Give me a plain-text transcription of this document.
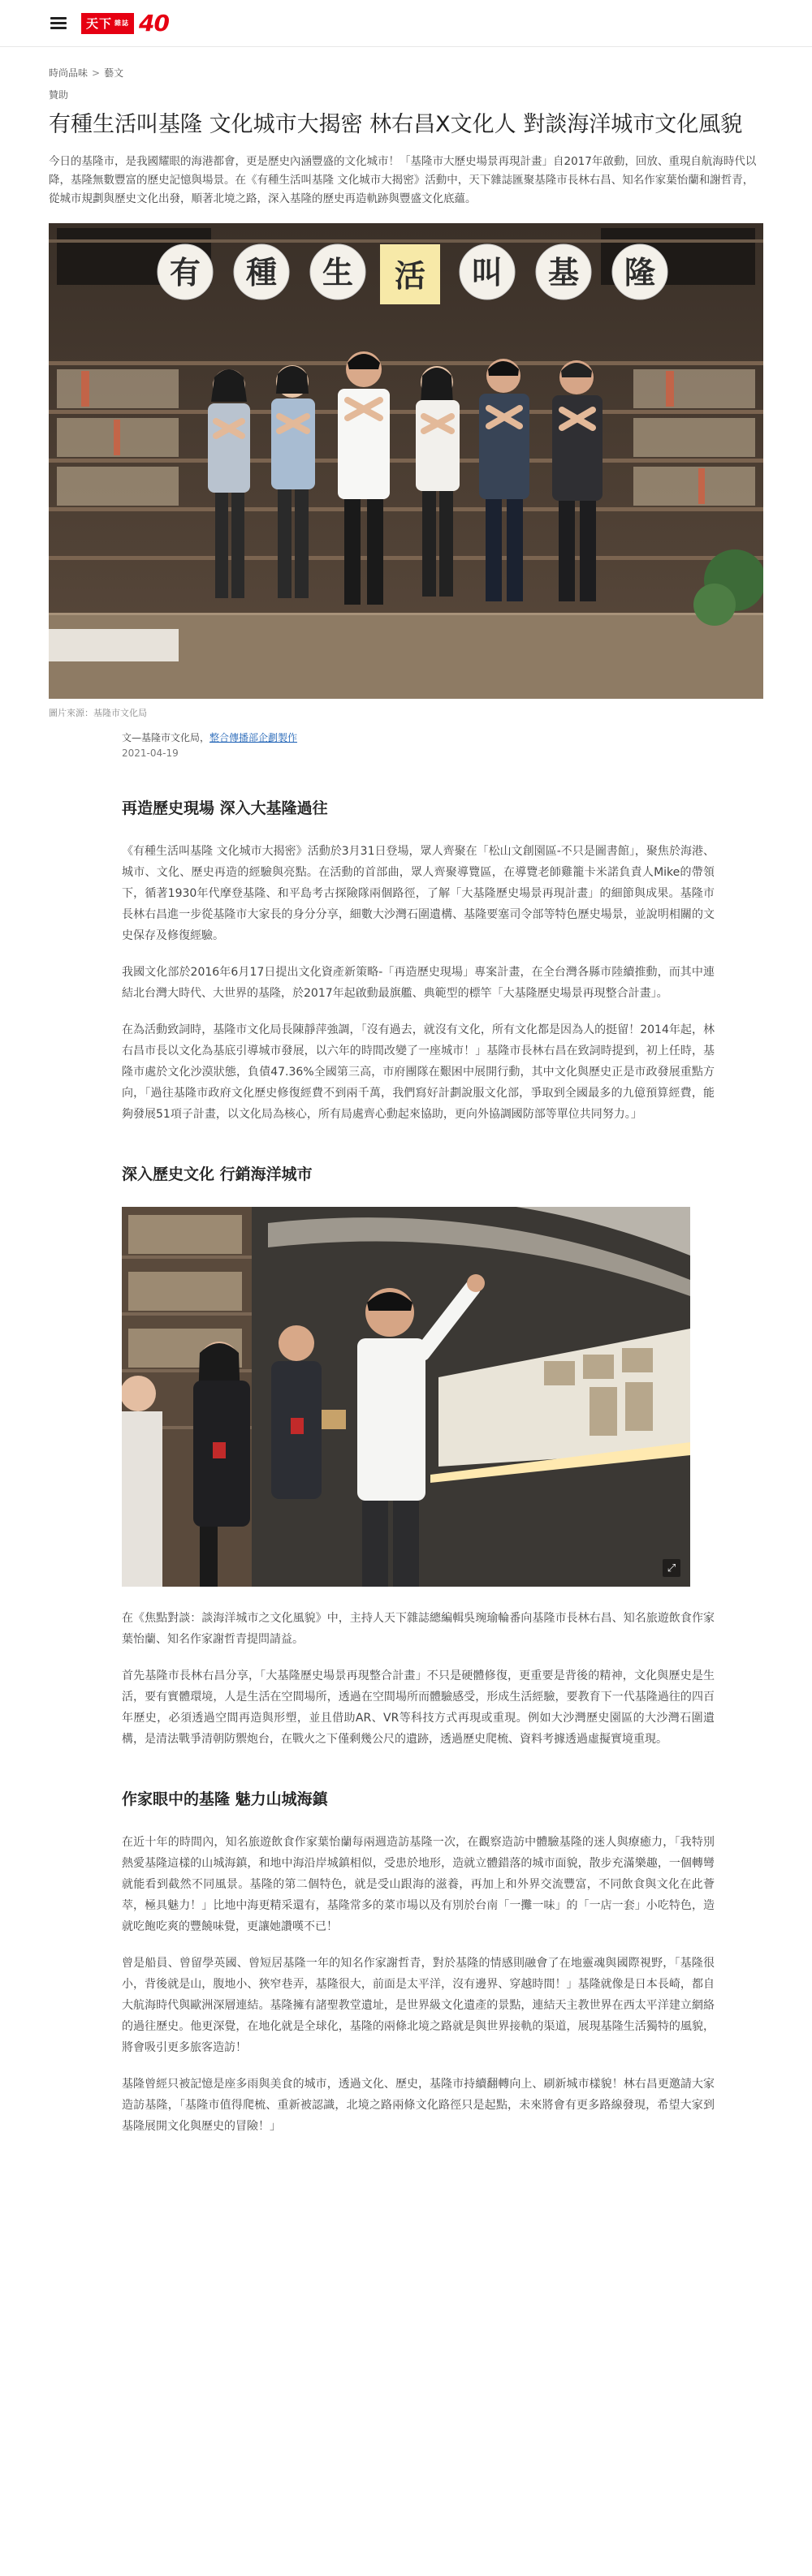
天下 雜誌 40
時尚品味 > 藝文
贊助
有種生活叫基隆 文化城市大揭密 林右昌X文化人 對談海洋城市文化風貌

今日的基隆市，是我國耀眼的海港都會，更是歷史內涵豐盛的文化城市！「基隆市大歷史場景再現計畫」自2017年啟動，回放、重現自航海時代以降，基隆無數豐富的歷史記憶與場景。在《有種生活叫基隆 文化城市大揭密》活動中，天下雜誌匯聚基隆市長林右昌、知名作家葉怡蘭和謝哲青，從城市規劃與歷史文化出發，順著北境之路，深入基隆的歷史再造軌跡與豐盛文化底蘊。

有 種 生 活 叫 基 隆
圖片來源：基隆市文化局
文—基隆市文化局，整合傳播部企劃製作
2021-04-19
再造歷史現場 深入大基隆過往

《有種生活叫基隆 文化城市大揭密》活動於3月31日登場，眾人齊聚在「松山文創園區-不只是圖書館」，聚焦於海港、城市、文化、歷史再造的經驗與亮點。在活動的首部曲，眾人齊聚導覽區，在導覽老師雞籠卡米諾負責人Mike的帶領下，循著1930年代摩登基隆、和平島考古探險隊兩個路徑，了解「大基隆歷史場景再現計畫」的細節與成果。基隆市長林右昌進一步從基隆市大家長的身分分享，細數大沙灣石圍遺構、基隆要塞司令部等特色歷史場景，並說明相關的文史保存及修復經驗。

我國文化部於2016年6月17日提出文化資產新策略-「再造歷史現場」專案計畫，在全台灣各縣市陸續推動，而其中連結北台灣大時代、大世界的基隆，於2017年起啟動最旗艦、典範型的標竿「大基隆歷史場景再現整合計畫」。

在為活動致詞時，基隆市文化局長陳靜萍強調，「沒有過去，就沒有文化，所有文化都是因為人的挺留！2014年起，林右昌市長以文化為基底引導城市發展，以六年的時間改變了一座城市！」基隆市長林右昌在致詞時提到，初上任時，基隆市處於文化沙漠狀態，負債47.36%全國第三高，市府團隊在艱困中展開行動，其中文化與歷史正是市政發展重點方向，「過往基隆市政府文化歷史修復經費不到兩千萬，我們寫好計劃說服文化部，爭取到全國最多的九億預算經費，能夠發展51項子計畫，以文化局為核心，所有局處齊心動起來協助，更向外協調國防部等單位共同努力。」

深入歷史文化 行銷海洋城市
⤢

在《焦點對談：談海洋城市之文化風貌》中，主持人天下雜誌總編輯吳琬瑜輪番向基隆市長林右昌、知名旅遊飲食作家葉怡蘭、知名作家謝哲青提問請益。

首先基隆市長林右昌分享，「大基隆歷史場景再現整合計畫」不只是硬體修復，更重要是背後的精神，文化與歷史是生活，要有實體環境，人是生活在空間場所，透過在空間場所而體驗感受，形成生活經驗，要教育下一代基隆過往的四百年歷史，必須透過空間再造與形塑，並且借助AR、VR等科技方式再現或重現。例如大沙灣歷史園區的大沙灣石圍遺構，是清法戰爭清朝防禦炮台，在戰火之下僅剩幾公尺的遺跡，透過歷史爬梳、資料考據透過虛擬實境重現。

作家眼中的基隆 魅力山城海鎮

在近十年的時間內，知名旅遊飲食作家葉怡蘭每兩週造訪基隆一次，在觀察造訪中體驗基隆的迷人與療癒力，「我特別熱愛基隆這樣的山城海鎮，和地中海沿岸城鎮相似，受患於地形，造就立體錯落的城市面貌，散步充滿樂趣，一個轉彎就能看到截然不同風景。基隆的第二個特色，就是受山跟海的滋養，再加上和外界交流豐富，不同飲食與文化在此薈萃，極具魅力！」比地中海更精采還有，基隆常多的菜市場以及有別於台南「一攤一味」的「一店一套」小吃特色，造就吃飽吃爽的豐饒味覺，更讓她讚嘆不已！

曾是船員、曾留學英國、曾短居基隆一年的知名作家謝哲青，對於基隆的情感則融會了在地靈魂與國際視野，「基隆很小，背後就是山，腹地小、狹窄巷弄，基隆很大，前面是太平洋，沒有邊界、穿越時間！」基隆就像是日本長崎，都自大航海時代與歐洲深層連結。基隆擁有諸聖教堂遺址，是世界級文化遺產的景點，連結天主教世界在西太平洋建立網絡的過往歷史。他更深覺，在地化就是全球化，基隆的兩條北境之路就是與世界接軌的渠道，展現基隆生活獨特的風貌，將會吸引更多旅客造訪！

基隆曾經只被記憶是座多雨與美食的城市，透過文化、歷史，基隆市持續翻轉向上、刷新城市樣貌！林右昌更邀請大家造訪基隆，「基隆市值得爬梳、重新被認識，北境之路兩條文化路徑只是起點，未來將會有更多路線發現，希望大家到基隆展開文化與歷史的冒險！」
